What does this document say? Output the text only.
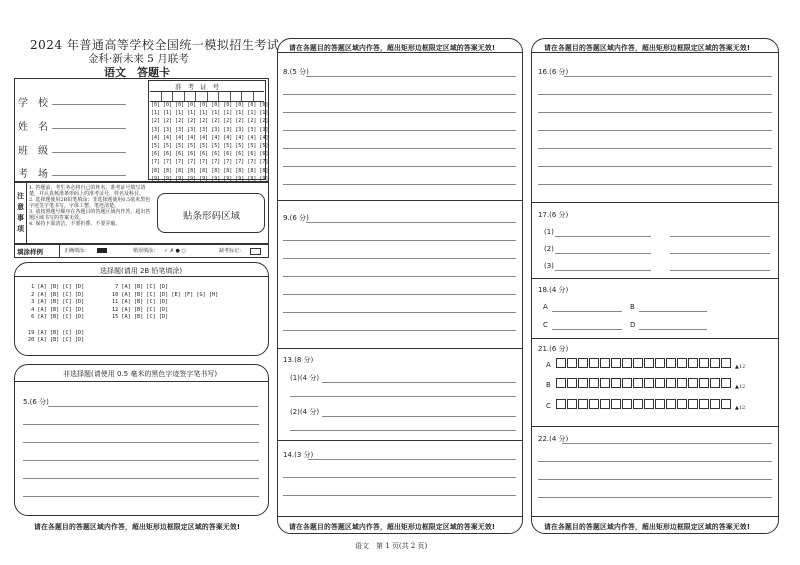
2024 年普通高等学校全国统一模拟招生考试
金科·新未来 5 月联考
语文　答题卡
学　校
姓　名
班　级
考　场
准 考 证 号
[0] [0] [0] [0] [0] [0] [0] [0] [0] [0]
[1] [1] [1] [1] [1] [1] [1] [1] [1] [1]
[2] [2] [2] [2] [2] [2] [2] [2] [2] [2]
[3] [3] [3] [3] [3] [3] [3] [3] [3] [3]
[4] [4] [4] [4] [4] [4] [4] [4] [4] [4]
[5] [5] [5] [5] [5] [5] [5] [5] [5] [5]
[6] [6] [6] [6] [6] [6] [6] [6] [6] [6]
[7] [7] [7] [7] [7] [7] [7] [7] [7] [7]
[8] [8] [8] [8] [8] [8] [8] [8] [8] [8]
[9] [9] [9] [9] [9] [9] [9] [9] [9] [9]
注意事项
1. 答题前，考生务必将自己的姓名、准考证号填写清楚，并认真核准条形码上的准考证号、姓名及科目。
2. 选择题使用2B铅笔填涂；非选择题使用0.5毫米黑色字迹签字笔书写，字体工整、笔迹清楚。
3. 请按照题号顺序在各题目的答题区域内作答，超出答题区域书写的答案无效。
4. 保持卡面清洁，不要折叠、不要弄破。
贴条形码区域
填涂样例	正确填涂：	错误填涂： ✓ ✗ ● ○	缺考标记：
选择题(请用 2B 铅笔填涂)
1 [A] [B] [C] [D]
2 [A] [B] [C] [D]
3 [A] [B] [C] [D]
4 [A] [B] [C] [D]
6 [A] [B] [C] [D]
19 [A] [B] [C] [D]
20 [A] [B] [C] [D]
7 [A] [B] [C] [D]
10 [A] [B] [C] [D] [E] [F] [G] [H]
11 [A] [B] [C] [D]
12 [A] [B] [C] [D]
15 [A] [B] [C] [D]
非选择题(请使用 0.5 毫米的黑色字迹签字笔书写)
5.(6 分)
请在各题目的答题区域内作答，超出矩形边框限定区域的答案无效!
请在各题目的答题区域内作答，超出矩形边框限定区域的答案无效!
8.(5 分)
9.(6 分)
13.(8 分)
(1)(4 分)
(2)(4 分)
14.(3 分)
请在各题目的答题区域内作答，超出矩形边框限定区域的答案无效!
请在各题目的答题区域内作答，超出矩形边框限定区域的答案无效!
16.(6 分)
17.(6 分)
(1)
(2)
(3)
18.(4 分)
A	B
C	D
21.(6 分)
A	▲12
B	▲12
C	▲12
22.(4 分)
请在各题目的答题区域内作答，超出矩形边框限定区域的答案无效!
语文　第 1 页(共 2 页)
